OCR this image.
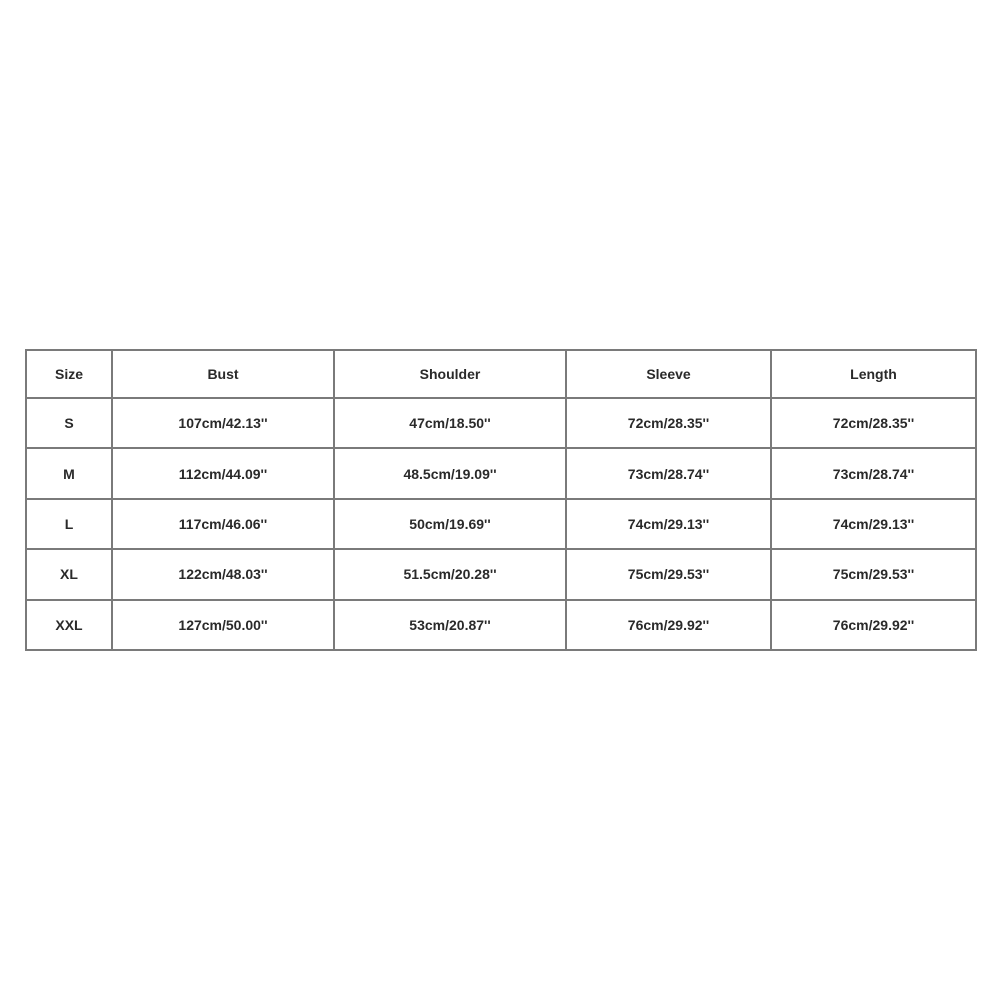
Size	Bust	Shoulder	Sleeve	Length
S	107cm/42.13''	47cm/18.50''	72cm/28.35''	72cm/28.35''
M	112cm/44.09''	48.5cm/19.09''	73cm/28.74''	73cm/28.74''
L	117cm/46.06''	50cm/19.69''	74cm/29.13''	74cm/29.13''
XL	122cm/48.03''	51.5cm/20.28''	75cm/29.53''	75cm/29.53''
XXL	127cm/50.00''	53cm/20.87''	76cm/29.92''	76cm/29.92''
